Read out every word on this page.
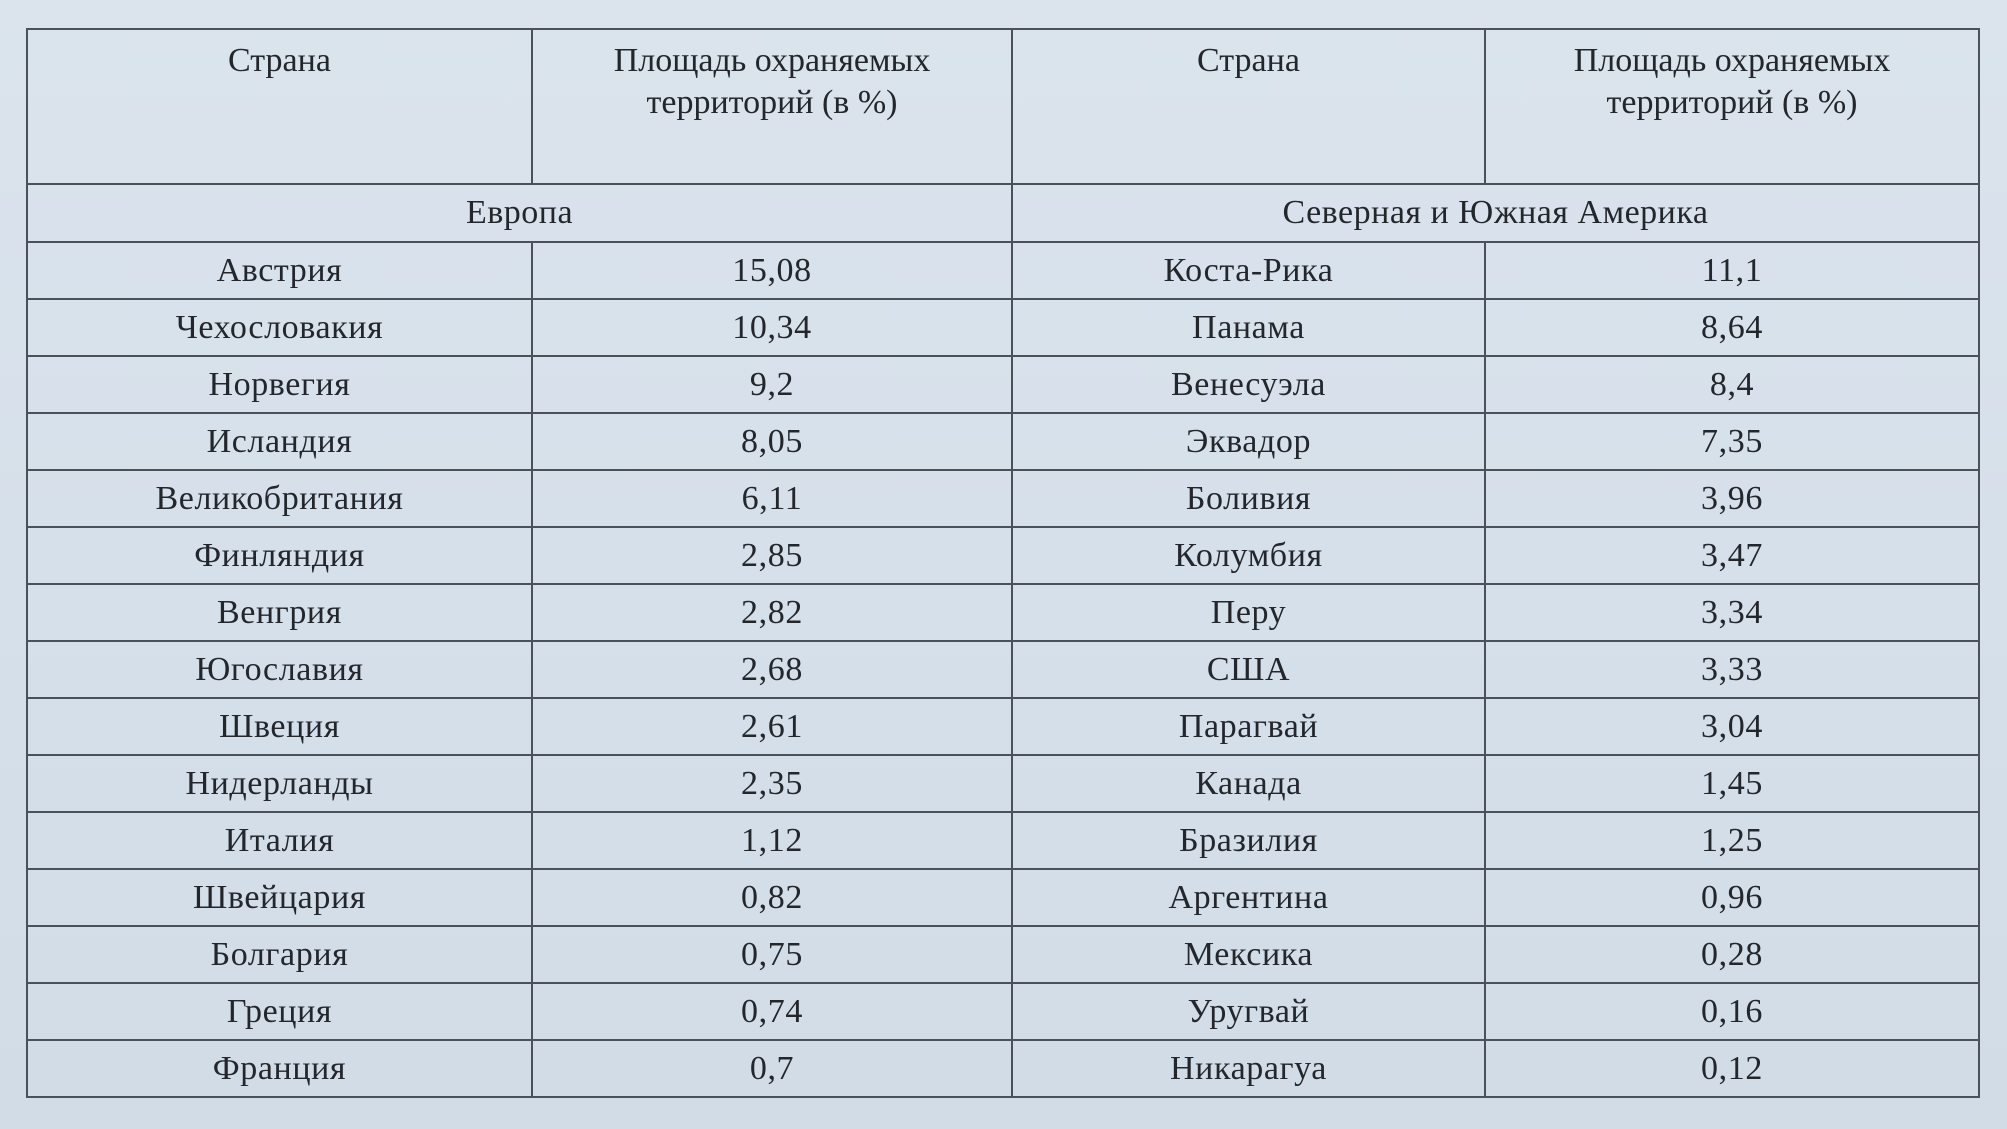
Страна	Площадь охраняемых территорий (в %)	Страна	Площадь охраняемых территорий (в %)
Европа		Северная и Южная Америка	
Австрия	15,08	Коста-Рика	11,1
Чехословакия	10,34	Панама	8,64
Норвегия	9,2	Венесуэла	8,4
Исландия	8,05	Эквадор	7,35
Великобритания	6,11	Боливия	3,96
Финляндия	2,85	Колумбия	3,47
Венгрия	2,82	Перу	3,34
Югославия	2,68	США	3,33
Швеция	2,61	Парагвай	3,04
Нидерланды	2,35	Канада	1,45
Италия	1,12	Бразилия	1,25
Швейцария	0,82	Аргентина	0,96
Болгария	0,75	Мексика	0,28
Греция	0,74	Уругвай	0,16
Франция	0,7	Никарагуа	0,12
